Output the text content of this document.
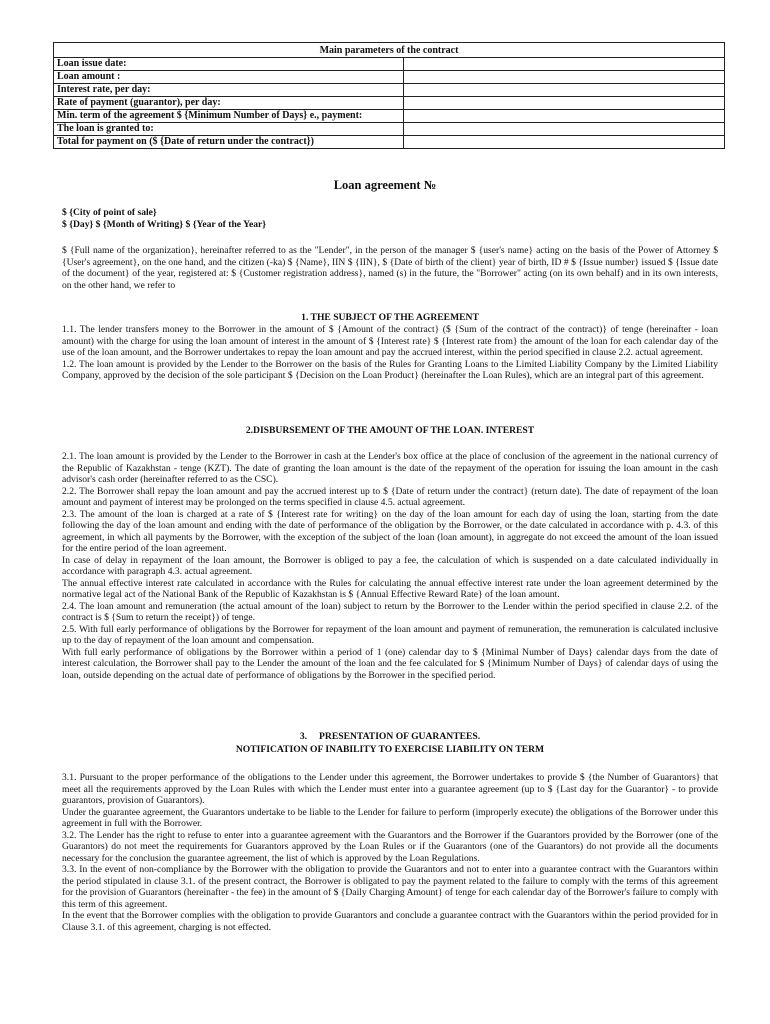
Main parameters of the contract	
Loan issue date:	
Loan amount :	
Interest rate, per day:	
Rate of payment (guarantor), per day:	
Min. term of the agreement $ {Minimum Number of Days} e., payment:	
The loan is granted to:	
Total for payment on ($ {Date of return under the contract})	
Loan agreement №
$ {City of point of sale}
$ {Day} $ {Month of Writing} $ {Year of the Year}
$ {Full name of the organization}, hereinafter referred to as the "Lender", in the person of the manager $ {user's name} acting on the basis of the Power of Attorney $ {User's agreement}, on the one hand, and the citizen (-ka) $ {Name}, IIN $ {IIN}, $ {Date of birth of the client} year of birth, ID # $ {Issue number} issued $ {Issue date of the document} of the year, registered at: $ {Customer registration address}, named (s) in the future, the "Borrower" acting (on its own behalf) and in its own interests, on the other hand, we refer to
1. THE SUBJECT OF THE AGREEMENT

1.1. The lender transfers money to the Borrower in the amount of $ {Amount of the contract} ($ {Sum of the contract of the contract)} of tenge (hereinafter - loan amount) with the charge for using the loan amount of interest in the amount of $ {Interest rate} $ {Interest rate from} the amount of the loan for each calendar day of the use of the loan amount, and the Borrower undertakes to repay the loan amount and pay the accrued interest, within the period specified in clause 2.2. actual agreement.

1.2. The loan amount is provided by the Lender to the Borrower on the basis of the Rules for Granting Loans to the Limited Liability Company by the Limited Liability Company, approved by the decision of the sole participant $ {Decision on the Loan Product} (hereinafter the Loan Rules), which are an integral part of this agreement.

2.DISBURSEMENT OF THE AMOUNT OF THE LOAN. INTEREST

2.1. The loan amount is provided by the Lender to the Borrower in cash at the Lender's box office at the place of conclusion of the agreement in the national currency of the Republic of Kazakhstan - tenge (KZT). The date of granting the loan amount is the date of the repayment of the operation for issuing the loan amount in the cash advisor's cash order (hereinafter referred to as the CSC).

2.2. The Borrower shall repay the loan amount and pay the accrued interest up to $ {Date of return under the contract} (return date). The date of repayment of the loan amount and payment of interest may be prolonged on the terms specified in clause 4.5. actual agreement.

2.3. The amount of the loan is charged at a rate of $ {Interest rate for writing} on the day of the loan amount for each day of using the loan, starting from the date following the day of the loan amount and ending with the date of performance of the obligation by the Borrower, or the date calculated in accordance with p. 4.3. of this agreement, in which all payments by the Borrower, with the exception of the subject of the loan (loan amount), in aggregate do not exceed the amount of the loan issued for the entire period of the loan agreement.

In case of delay in repayment of the loan amount, the Borrower is obliged to pay a fee, the calculation of which is suspended on a date calculated individually in accordance with paragraph 4.3. actual agreement.

The annual effective interest rate calculated in accordance with the Rules for calculating the annual effective interest rate under the loan agreement determined by the normative legal act of the National Bank of the Republic of Kazakhstan is $ {Annual Effective Reward Rate} of the loan amount.

2.4. The loan amount and remuneration (the actual amount of the loan) subject to return by the Borrower to the Lender within the period specified in clause 2.2. of the contract is $ {Sum to return the receipt}) of tenge.

2.5. With full early performance of obligations by the Borrower for repayment of the loan amount and payment of remuneration, the remuneration is calculated inclusive up to the day of repayment of the loan amount and compensation.

With full early performance of obligations by the Borrower within a period of 1 (one) calendar day to $ {Minimal Number of Days} calendar days from the date of interest calculation, the Borrower shall pay to the Lender the amount of the loan and the fee calculated for $ {Minimum Number of Days} of calendar days of using the loan, outside depending on the actual date of performance of obligations by the Borrower in the specified period.

3.     PRESENTATION OF GUARANTEES.
NOTIFICATION OF INABILITY TO EXERCISE LIABILITY ON TERM

3.1. Pursuant to the proper performance of the obligations to the Lender under this agreement, the Borrower undertakes to provide $ {the Number of Guarantors} that meet all the requirements approved by the Loan Rules with which the Lender must enter into a guarantee agreement (up to $ {Last day for the Guarantor} - to provide guarantors, provision of Guarantors).

Under the guarantee agreement, the Guarantors undertake to be liable to the Lender for failure to perform (improperly execute) the obligations of the Borrower under this agreement in full with the Borrower.

3.2. The Lender has the right to refuse to enter into a guarantee agreement with the Guarantors and the Borrower if the Guarantors provided by the Borrower (one of the Guarantors) do not meet the requirements for Guarantors approved by the Loan Rules or if the Guarantors (one of the Guarantors) do not provide all the documents necessary for the conclusion the guarantee agreement, the list of which is approved by the Loan Regulations.

3.3. In the event of non-compliance by the Borrower with the obligation to provide the Guarantors and not to enter into a guarantee contract with the Guarantors within the period stipulated in clause 3.1. of the present contract, the Borrower is obligated to pay the payment related to the failure to comply with the terms of this agreement for the provision of Guarantors (hereinafter - the fee) in the amount of $ {Daily Charging Amount} of tenge for each calendar day of the Borrower's failure to comply with this term of this agreement.

In the event that the Borrower complies with the obligation to provide Guarantors and conclude a guarantee contract with the Guarantors within the period provided for in Clause 3.1. of this agreement, charging is not effected.
